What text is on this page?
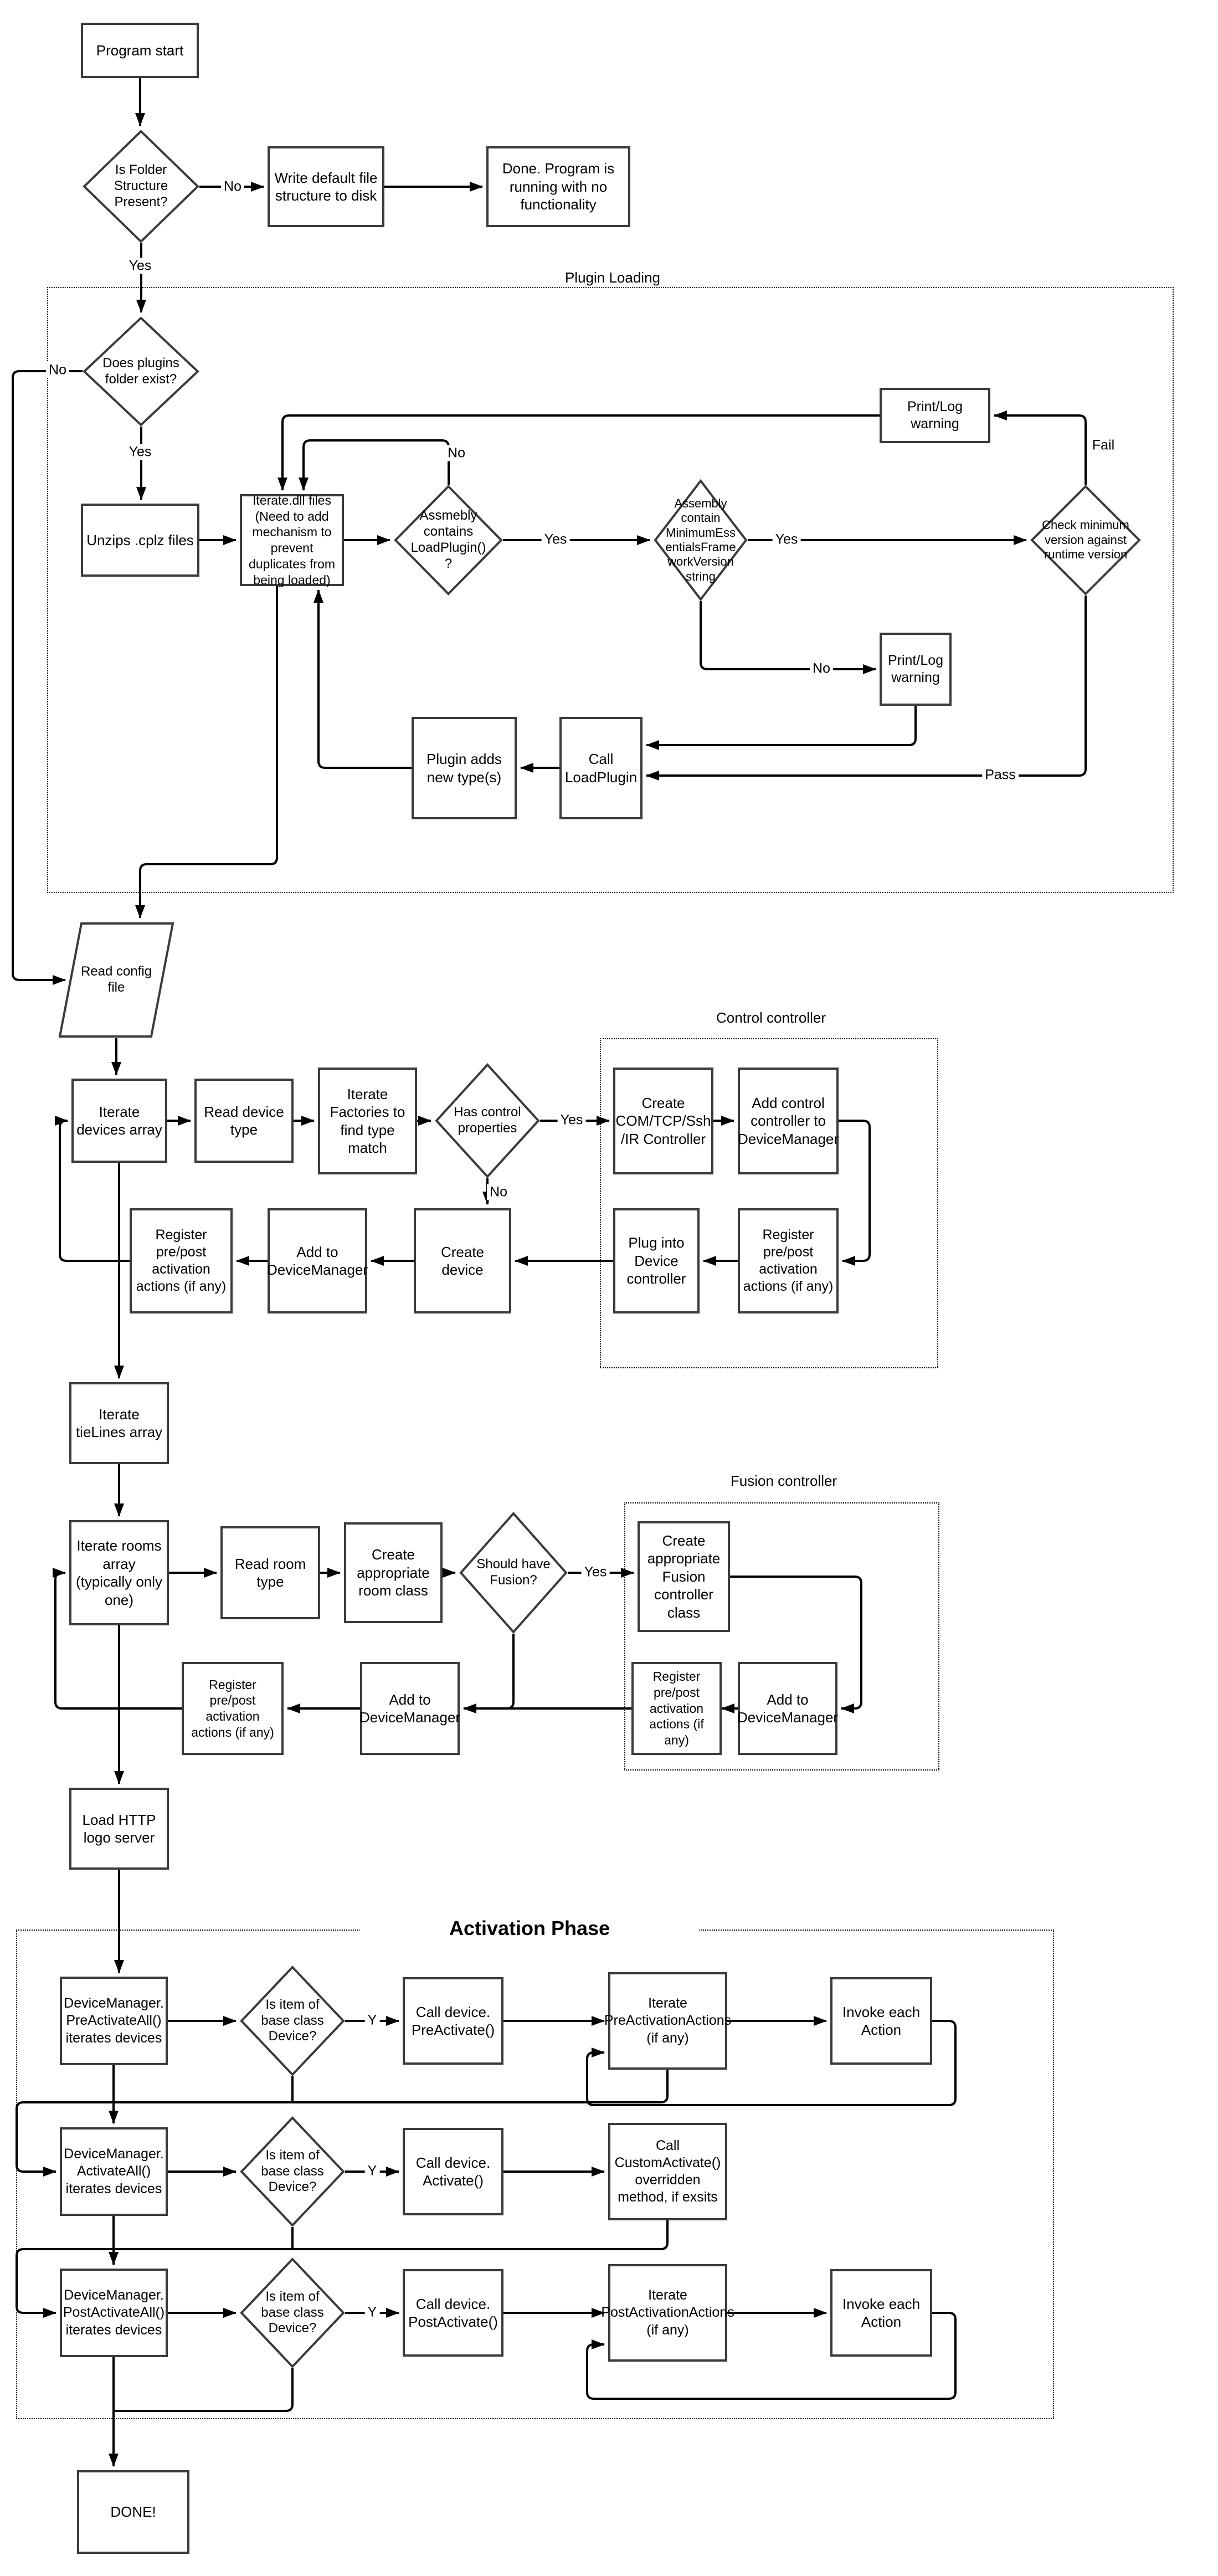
Plugin Loading
Control controller
Fusion controller
Activation Phase
Program start
Write default file structure to disk
Done. Program is running with no functionality
Unzips .cplz files
Iterate.dll files (Need to add mechanism to prevent duplicates from being loaded)
Print/Log warning
Print/Log warning
Call LoadPlugin
Plugin adds new type(s)
Iterate devices array
Read device type
Iterate Factories to find type match
Create COM/TCP/Ssh /IR Controller
Add control controller to DeviceManager
Register pre/post activation actions (if any)
Plug into Device controller
Create device
Add to DeviceManager
Register pre/post activation actions (if any)
Iterate tieLines array
Iterate rooms array (typically only one)
Read room type
Create appropriate room class
Create appropriate Fusion controller class
Add to DeviceManager
Register pre/post activation actions (if any)
Add to DeviceManager
Register pre/post activation actions (if any)
Load HTTP logo server
DeviceManager. PreActivateAll() iterates devices
Call device. PreActivate()
Iterate PreActivationActions (if any)
Invoke each Action
DeviceManager. ActivateAll() iterates devices
Call device. Activate()
Call CustomActivate() overridden method, if exsits
DeviceManager. PostActivateAll() iterates devices
Call device. PostActivate()
Iterate PostActivationActions (if any)
Invoke each Action
DONE!
Is Folder Structure Present?
Does plugins folder exist?
Assmebly contains LoadPlugin()?
Assembly contain MinimumEssentialsFrameworkVersion string
Check minimum version against runtime version
Read config file
Has control properties
Should have Fusion?
Is item of base class Device?
Is item of base class Device?
Is item of base class Device?
No
Yes
No
Yes	No
Yes	Yes
Fail
No
Pass
Yes
No
Yes
Y
Y
Y
